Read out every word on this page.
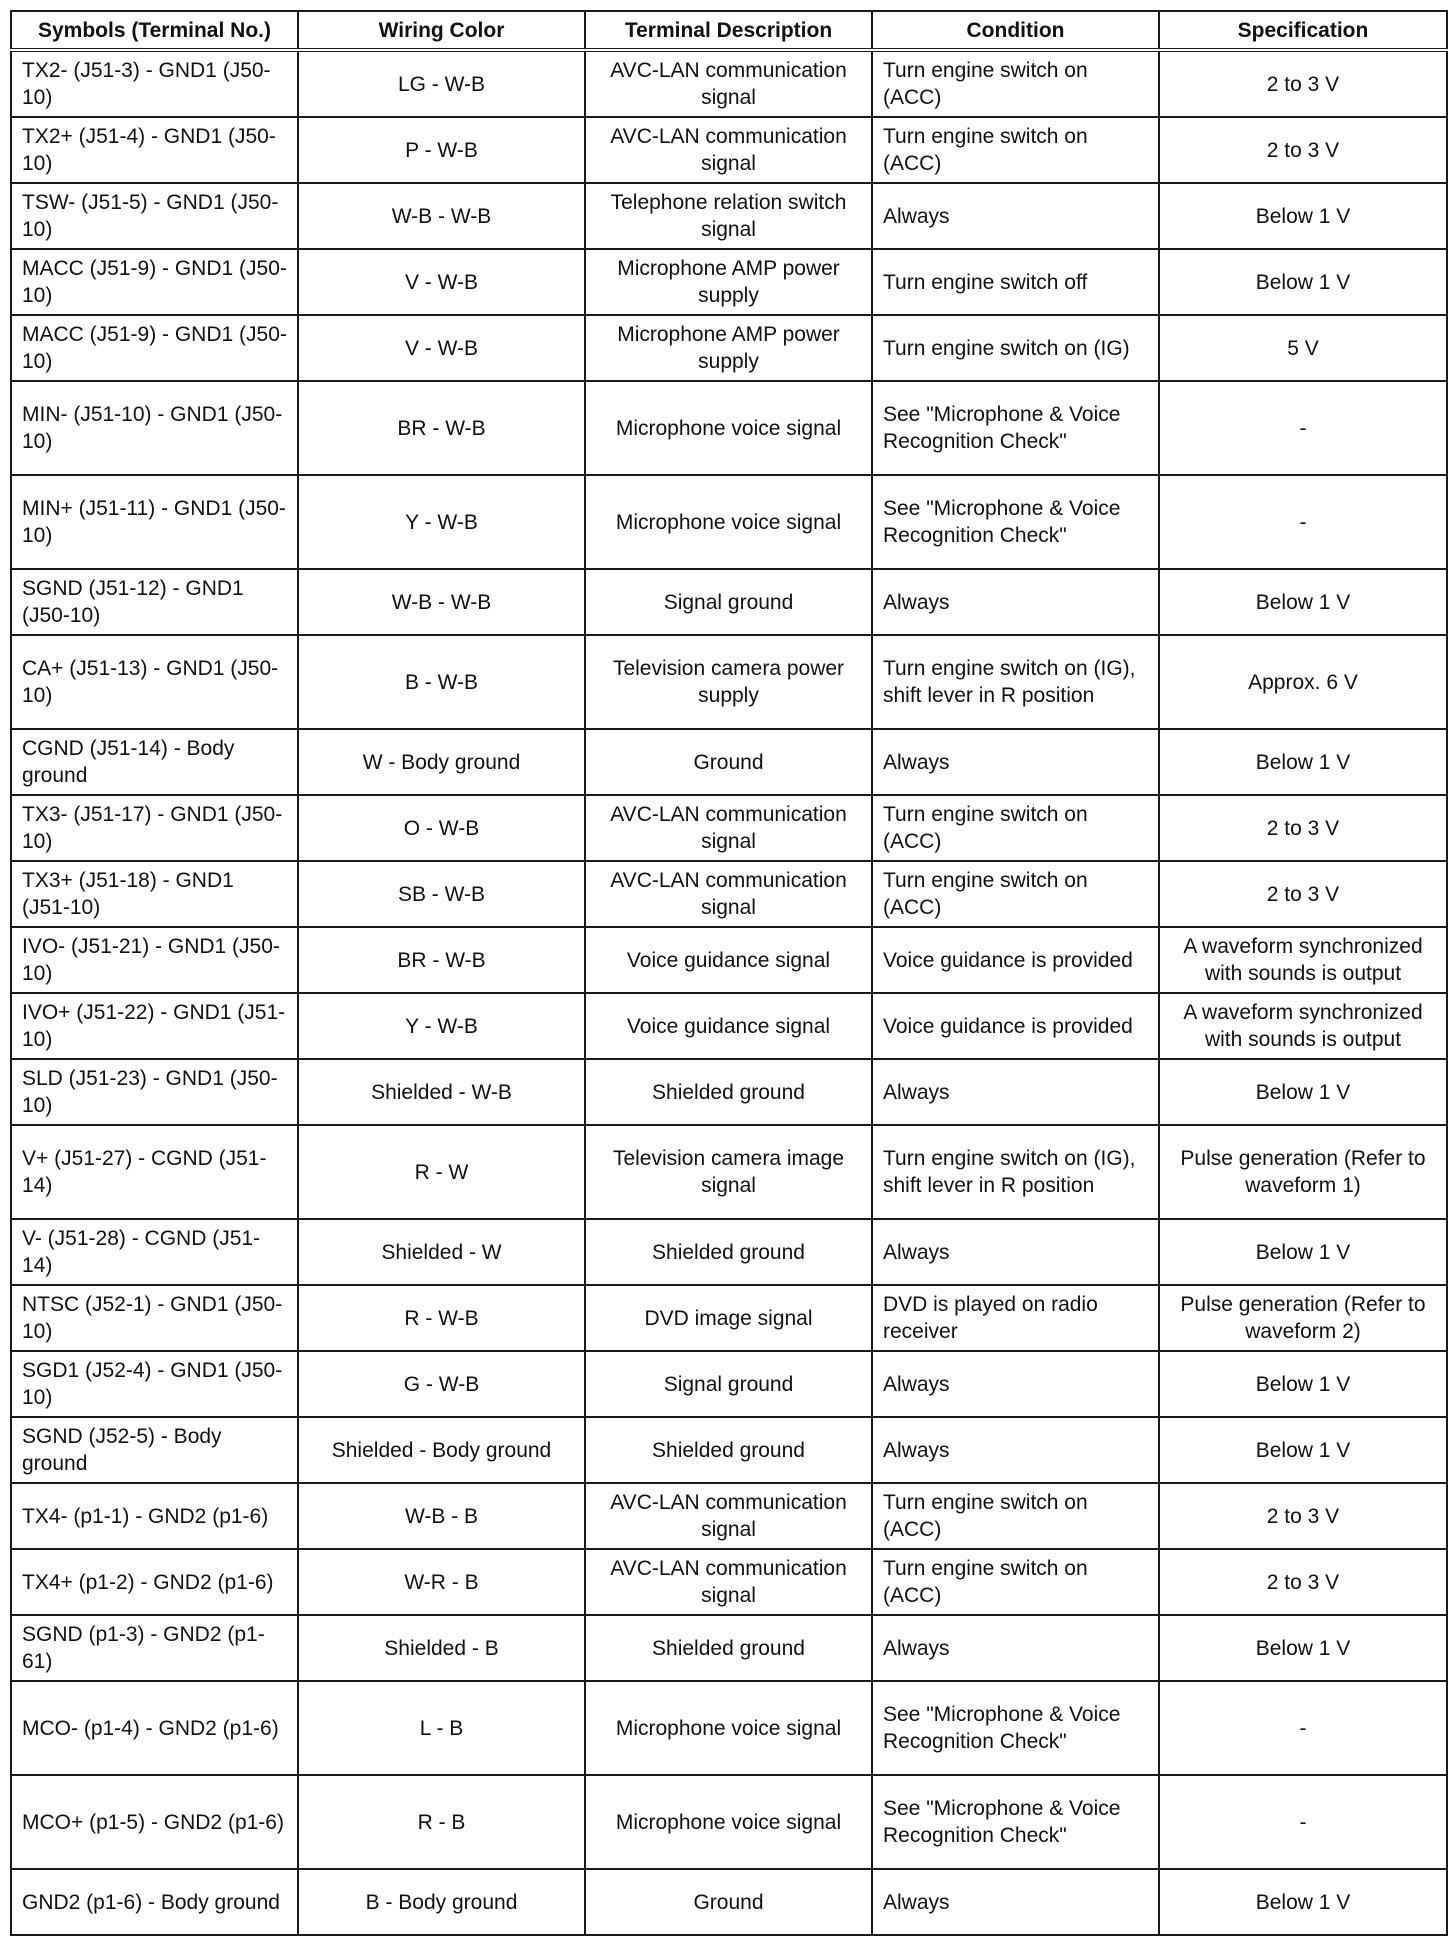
Symbols (Terminal No.)	Wiring Color	Terminal Description	Condition	Specification
TX2- (J51-3) - GND1 (J50-10)	LG - W-B	AVC-LAN communication signal	Turn engine switch on (ACC)	2 to 3 V
TX2+ (J51-4) - GND1 (J50-10)	P - W-B	AVC-LAN communication signal	Turn engine switch on (ACC)	2 to 3 V
TSW- (J51-5) - GND1 (J50-10)	W-B - W-B	Telephone relation switch signal	Always	Below 1 V
MACC (J51-9) - GND1 (J50-10)	V - W-B	Microphone AMP power supply	Turn engine switch off	Below 1 V
MACC (J51-9) - GND1 (J50-10)	V - W-B	Microphone AMP power supply	Turn engine switch on (IG)	5 V
MIN- (J51-10) - GND1 (J50-10)	BR - W-B	Microphone voice signal	See "Microphone & Voice Recognition Check"	-
MIN+ (J51-11) - GND1 (J50-10)	Y - W-B	Microphone voice signal	See "Microphone & Voice Recognition Check"	-
SGND (J51-12) - GND1 (J50-10)	W-B - W-B	Signal ground	Always	Below 1 V
CA+ (J51-13) - GND1 (J50-10)	B - W-B	Television camera power supply	Turn engine switch on (IG), shift lever in R position	Approx. 6 V
CGND (J51-14) - Body ground	W - Body ground	Ground	Always	Below 1 V
TX3- (J51-17) - GND1 (J50-10)	O - W-B	AVC-LAN communication signal	Turn engine switch on (ACC)	2 to 3 V
TX3+ (J51-18) - GND1 (J51-10)	SB - W-B	AVC-LAN communication signal	Turn engine switch on (ACC)	2 to 3 V
IVO- (J51-21) - GND1 (J50-10)	BR - W-B	Voice guidance signal	Voice guidance is provided	A waveform synchronized with sounds is output
IVO+ (J51-22) - GND1 (J51-10)	Y - W-B	Voice guidance signal	Voice guidance is provided	A waveform synchronized with sounds is output
SLD (J51-23) - GND1 (J50-10)	Shielded - W-B	Shielded ground	Always	Below 1 V
V+ (J51-27) - CGND (J51-14)	R - W	Television camera image signal	Turn engine switch on (IG), shift lever in R position	Pulse generation (Refer to waveform 1)
V- (J51-28) - CGND (J51-14)	Shielded - W	Shielded ground	Always	Below 1 V
NTSC (J52-1) - GND1 (J50-10)	R - W-B	DVD image signal	DVD is played on radio receiver	Pulse generation (Refer to waveform 2)
SGD1 (J52-4) - GND1 (J50-10)	G - W-B	Signal ground	Always	Below 1 V
SGND (J52-5) - Body ground	Shielded - Body ground	Shielded ground	Always	Below 1 V
TX4- (p1-1) - GND2 (p1-6)	W-B - B	AVC-LAN communication signal	Turn engine switch on (ACC)	2 to 3 V
TX4+ (p1-2) - GND2 (p1-6)	W-R - B	AVC-LAN communication signal	Turn engine switch on (ACC)	2 to 3 V
SGND (p1-3) - GND2 (p1-61)	Shielded - B	Shielded ground	Always	Below 1 V
MCO- (p1-4) - GND2 (p1-6)	L - B	Microphone voice signal	See "Microphone & Voice Recognition Check"	-
MCO+ (p1-5) - GND2 (p1-6)	R - B	Microphone voice signal	See "Microphone & Voice Recognition Check"	-
GND2 (p1-6) - Body ground	B - Body ground	Ground	Always	Below 1 V
